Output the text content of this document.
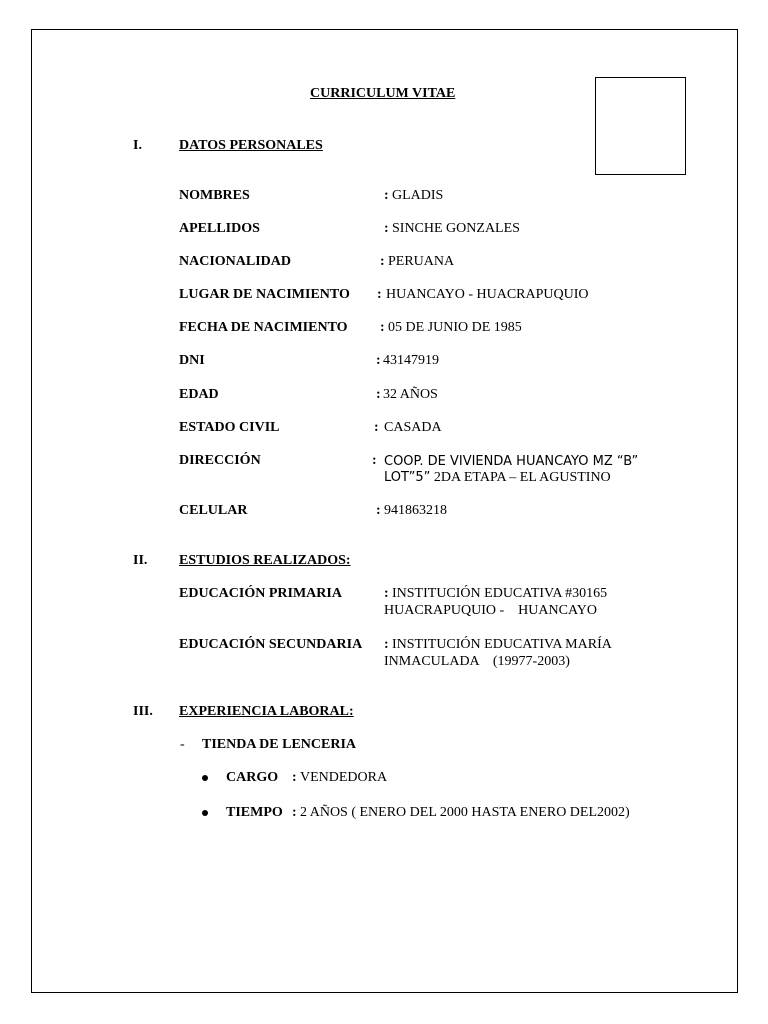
CURRICULUM VITAE
I.	DATOS PERSONALES
NOMBRES	: GLADIS
APELLIDOS	: SINCHE GONZALES
NACIONALIDAD	: PERUANA
LUGAR DE NACIMIENTO : HUANCAYO - HUACRAPUQUIO
FECHA DE NACIMIENTO : 05 DE JUNIO DE 1985
DNI	: 43147919
EDAD	: 32 AÑOS
ESTADO CIVIL	: CASADA
DIRECCIÓN	: COOP. DE VIVIENDA HUANCAYO MZ “B”
LOT”5” 2DA ETAPA – EL AGUSTINO
CELULAR	: 941863218
II. ESTUDIOS REALIZADOS:
EDUCACIÓN PRIMARIA	: INSTITUCIÓN EDUCATIVA #30165
HUACRAPUQUIO -    HUANCAYO
EDUCACIÓN SECUNDARIA : INSTITUCIÓN EDUCATIVA MARÍA
INMACULADA    (19977-2003)
III. EXPERIENCIA LABORAL:
- TIENDA DE LENCERIA
CARGO : VENDEDORA
TIEMPO : 2 AÑOS ( ENERO DEL 2000 HASTA ENERO DEL2002)
